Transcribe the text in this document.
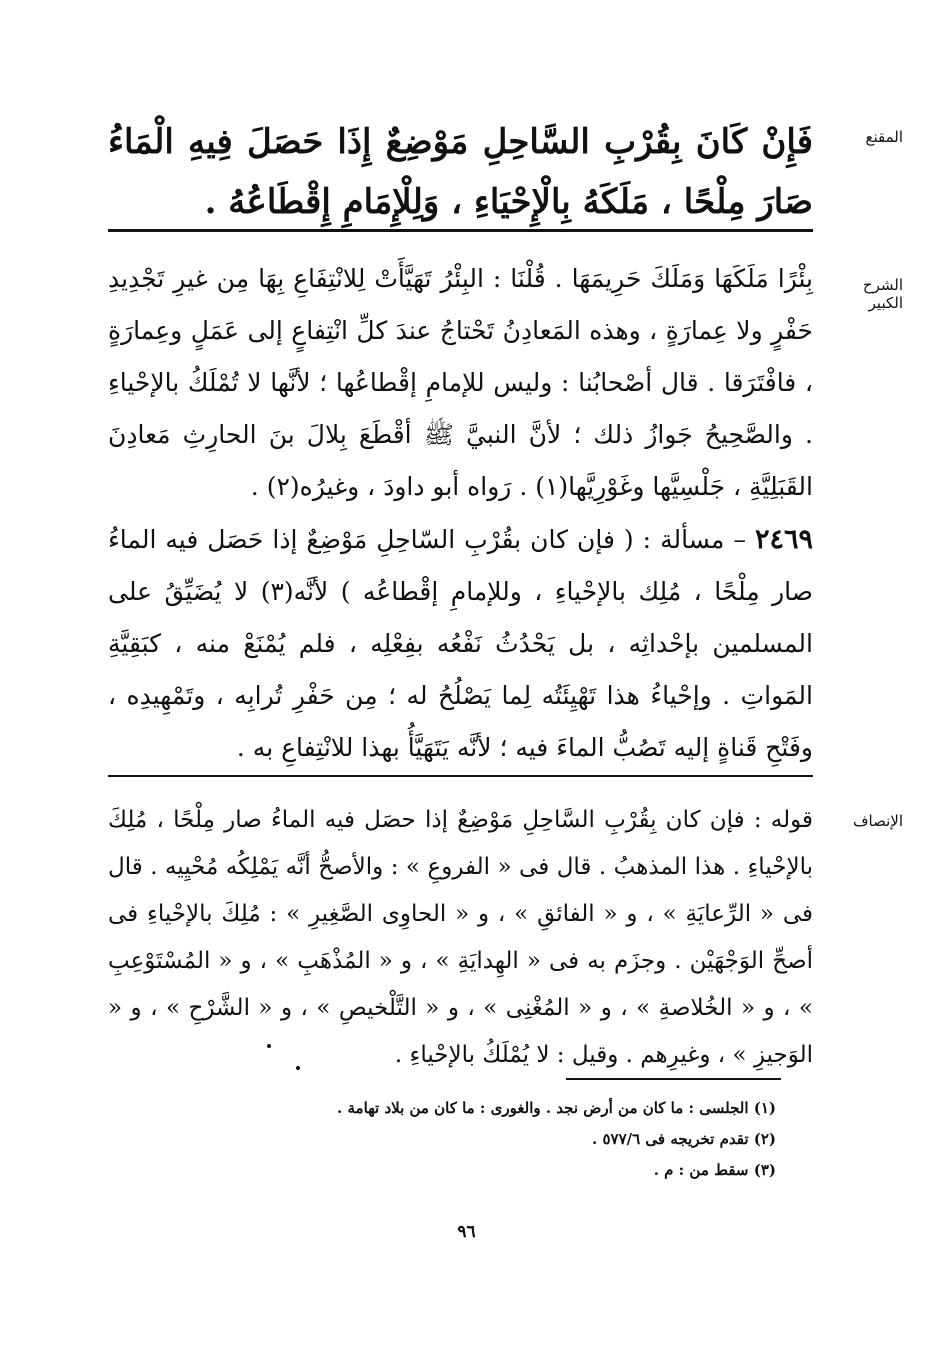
المقنع
فَإِنْ كَانَ بِقُرْبِ السَّاحِلِ مَوْضِعٌ إِذَا حَصَلَ فِيهِ الْمَاءُ صَارَ مِلْحًا ، مَلَكَهُ بِالْإِحْيَاءِ ، وَلِلْإِمَامِ إِقْطَاعُهُ .
الشرح الكبير
بِئْرًا مَلَكَهَا وَمَلَكَ حَرِيمَهَا . قُلْنَا : البِئْرُ تَهَيَّأَتْ لِلانْتِفَاعِ بِهَا مِن غيرِ تَجْدِيدِ حَفْرٍ ولا عِمارَةٍ ، وهذه المَعادِنُ تَحْتاجُ عندَ كلِّ انْتِفاعٍ إلى عَمَلٍ وعِمارَةٍ ، فافْتَرَقا . قال أصْحابُنا : وليس للإمامِ إقْطاعُها ؛ لأنَّها لا تُمْلَكُ بالإحْياءِ . والصَّحِيحُ جَوازُ ذلك ؛ لأنَّ النبيَّ ﷺ أقْطَعَ بِلالَ بنَ الحارِثِ مَعادِنَ القَبَلِيَّةِ ، جَلْسِيَّها وغَوْرِيَّها(١) . رَواه أبو داودَ ، وغيرُه(٢) .
٢٤٦٩ – مسألة : ( فإن كان بقُرْبِ السّاحِلِ مَوْضِعٌ إذا حَصَل فيه الماءُ صار مِلْحًا ، مُلِك بالإحْياءِ ، وللإمامِ إقْطاعُه ) لأنَّه(٣) لا يُضَيِّقُ على المسلمين بإحْداثِه ، بل يَحْدُثُ نَفْعُه بفِعْلِه ، فلم يُمْنَعْ منه ، كبَقِيَّةِ المَواتِ . وإحْياءُ هذا تَهْيِئَتُه لِما يَصْلُحُ له ؛ مِن حَفْرِ تُرابِه ، وتَمْهِيدِه ، وفَتْحِ قَناةٍ إليه تَصُبُّ الماءَ فيه ؛ لأنَّه يَتَهَيَّأُ بهذا للانْتِفاعِ به .
الإنصاف
قوله : فإن كان بِقُرْبِ السَّاحِلِ مَوْضِعٌ إذا حصَل فيه الماءُ صار مِلْحًا ، مُلِكَ بالإحْياءِ . هذا المذهبُ . قال فى « الفروعِ » : والأصحُّ أنَّه يَمْلِكُه مُحْيِيه . قال فى « الرِّعايَةِ » ، و « الفائقِ » ، و « الحاوِى الصَّغِيرِ » : مُلِكَ بالإحْياءِ فى أصحِّ الوَجْهَيْن . وجزَم به فى « الهِدايَةِ » ، و « المُذْهَبِ » ، و « المُسْتَوْعِبِ » ، و « الخُلاصةِ » ، و « المُغْنِى » ، و « التَّلْخيصِ » ، و « الشَّرْحِ » ، و « الوَجيزِ » ، وغيرِهم . وقيل : لا يُمْلَكُ بالإحْياءِ .
(١) الجلسى : ما كان من أرض نجد . والغورى : ما كان من بلاد تهامة .
(٢) تقدم تخريجه فى ٥٧٧/٦ .
(٣) سقط من : م .
٩٦
